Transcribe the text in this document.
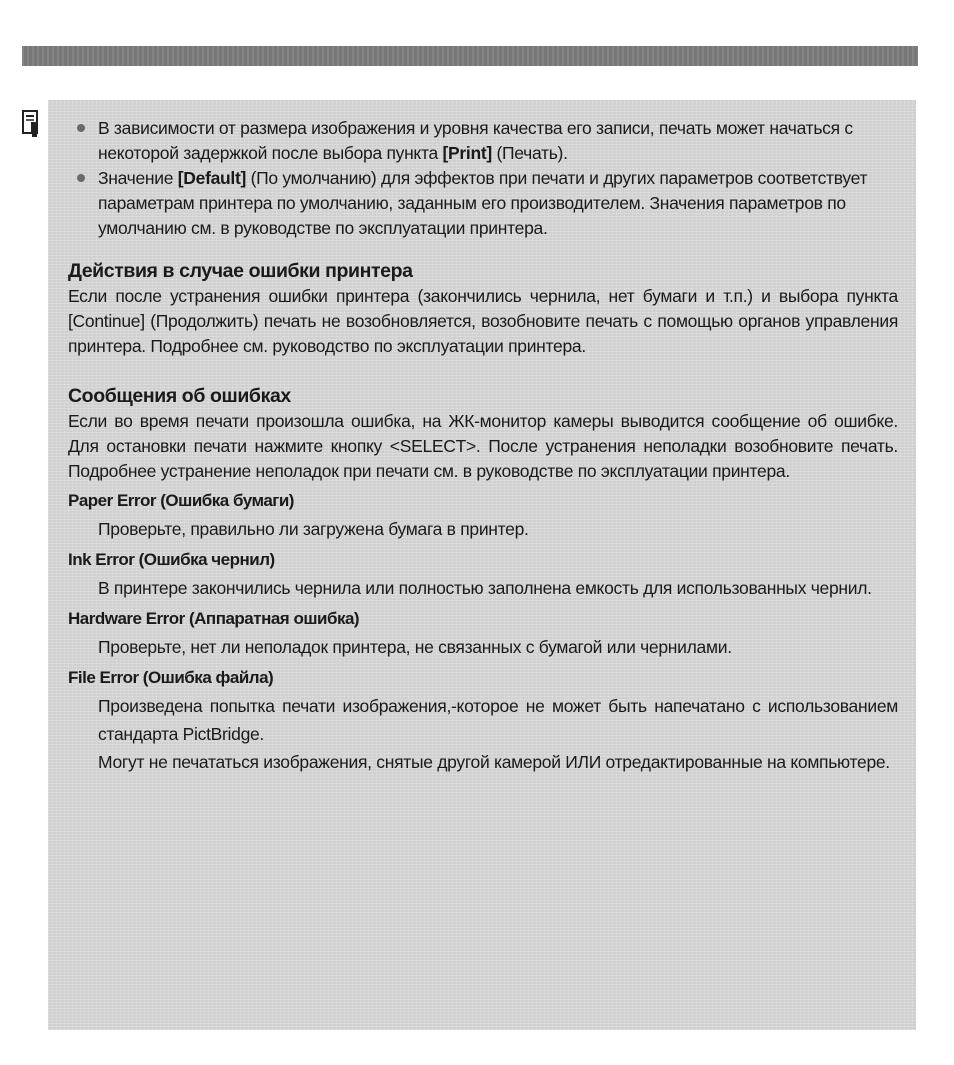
В зависимости от размера изображения и уровня качества его записи, печать может начаться с некоторой задержкой после выбора пункта [Print] (Печать).
Значение [Default] (По умолчанию) для эффектов при печати и других параметров соответствует параметрам принтера по умолчанию, заданным его производителем. Значения параметров по умолчанию см. в руководстве по эксплуатации принтера.
Действия в случае ошибки принтера

Если после устранения ошибки принтера (закончились чернила, нет бумаги и т.п.) и выбора пункта [Continue] (Продолжить) печать не возобновляется, возобновите печать с помощью органов управления принтера. Подробнее см. руководство по эксплуатации принтера.

Сообщения об ошибках

Если во время печати произошла ошибка, на ЖК-монитор камеры выводится сообщение об ошибке. Для остановки печати нажмите кнопку <SELECT>. После устранения неполадки возобновите печать. Подробнее устранение неполадок при печати см. в руководстве по эксплуатации принтера.

Paper Error (Ошибка бумаги)
Проверьте, правильно ли загружена бумага в принтер.
Ink Error (Ошибка чернил)
В принтере закончились чернила или полностью заполнена емкость для использованных чернил.
Hardware Error (Аппаратная ошибка)
Проверьте, нет ли неполадок принтера, не связанных с бумагой или чернилами.
File Error (Ошибка файла)
Произведена попытка печати изображения,-которое не может быть напечатано с использованием стандарта PictBridge.
Могут не печататься изображения, снятые другой камерой ИЛИ отредактированные на компьютере.
